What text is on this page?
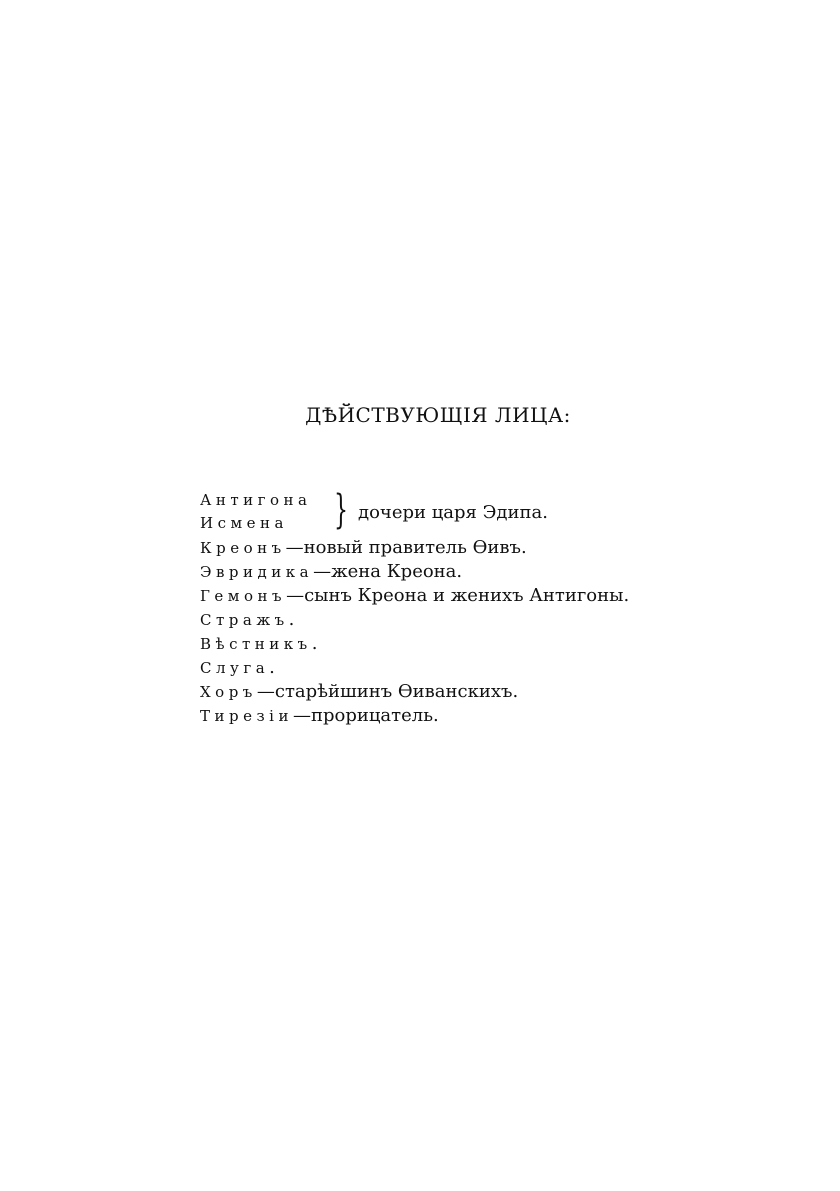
ДѢЙСТВУЮЩІЯ ЛИЦА:
Антигона
Исмена } дочери царя Эдипа.
Креонъ—новый правитель Ѳивъ.
Эвридика—жена Креона.
Гемонъ—сынъ Креона и женихъ Антигоны.
Стражъ.
Вѣстникъ.
Слуга.
Хоръ—старѣйшинъ Ѳиванскихъ.
Тирезiи—прорицатель.
